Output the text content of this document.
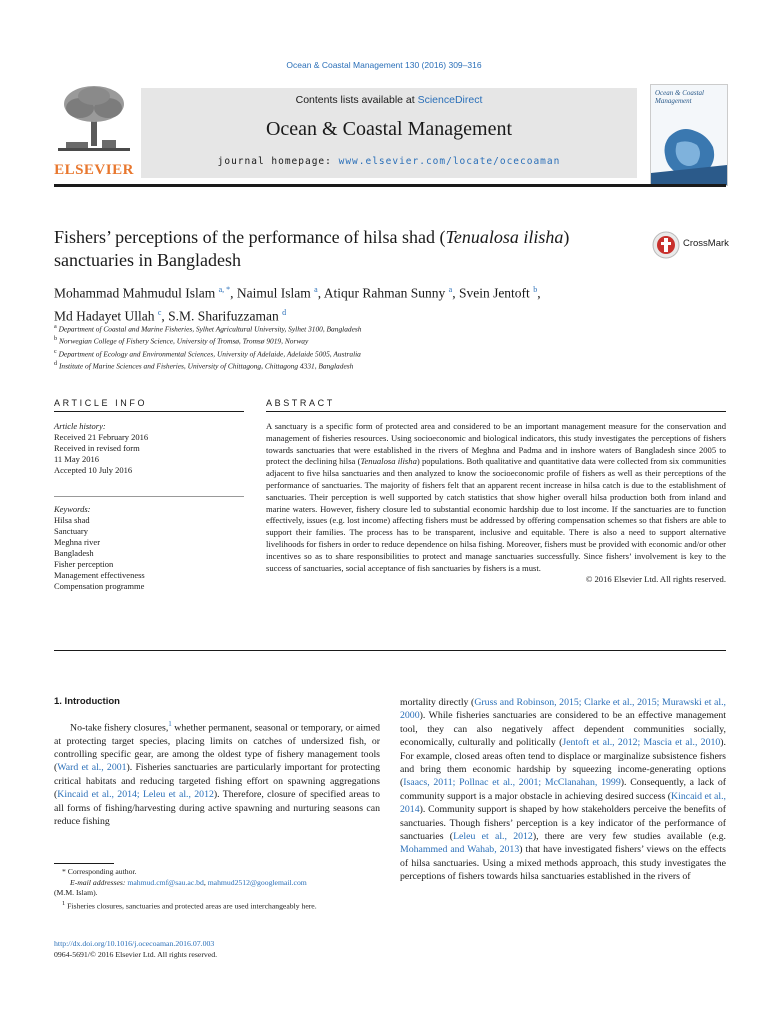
Ocean & Coastal Management 130 (2016) 309–316
ELSEVIER
Contents lists available at ScienceDirect
Ocean & Coastal Management
journal homepage: www.elsevier.com/locate/ocecoaman
Ocean & Coastal Management
Fishers’ perceptions of the performance of hilsa shad (Tenualosa ilisha) sanctuaries in Bangladesh
CrossMark
Mohammad Mahmudul Islam $^{a, *}$, Naimul Islam $^a$, Atiqur Rahman Sunny $^a$, Svein Jentoft $^b$,
Md Hadayet Ullah $^c$, S.M. Sharifuzzaman $^d$
$^a$ Department of Coastal and Marine Fisheries, Sylhet Agricultural University, Sylhet 3100, Bangladesh
$^b$ Norwegian College of Fishery Science, University of Tromsø, Tromsø 9019, Norway
$^c$ Department of Ecology and Environmental Sciences, University of Adelaide, Adelaide 5005, Australia
$^d$ Institute of Marine Sciences and Fisheries, University of Chittagong, Chittagong 4331, Bangladesh
ARTICLE INFO
Article history:
Received 21 February 2016
Received in revised form
11 May 2016
Accepted 10 July 2016
Keywords:
Hilsa shad
Sanctuary
Meghna river
Bangladesh
Fisher perception
Management effectiveness
Compensation programme
ABSTRACT
A sanctuary is a specific form of protected area and considered to be an important management measure for the conservation and management of fisheries resources. Using socioeconomic and biological indicators, this study investigates the perceptions of fishers towards sanctuaries that were established in the rivers of Meghna and Padma and in inshore waters of Bangladesh since 2005 to protect the declining hilsa (Tenualosa ilisha) populations. Both qualitative and quantitative data were collected from six communities adjacent to five hilsa sanctuaries and then analyzed to know the socioeconomic profile of fishers as well as their perceptions of the performance of sanctuaries. The majority of fishers felt that an apparent recent increase in hilsa catch is due to the establishment of sanctuaries. Their perception is well supported by catch statistics that show higher overall hilsa production both from inland and marine waters. However, fishery closure led to substantial economic hardship due to lost income. If the sanctuaries are to function effectively, issues (e.g. lost income) affecting fishers must be addressed by offering compensation schemes so that fishers are able to support their families. The process has to be transparent, inclusive and equitable. There is also a need to support alternative livelihoods for fishers in order to reduce dependence on hilsa fishing. Moreover, fishers must be provided with economic and/or other incentives so as to share responsibilities to protect and manage sanctuaries successfully. Since fishers’ involvement is key to the success of sanctuaries, social acceptance of fish sanctuaries by fishers is a must.
© 2016 Elsevier Ltd. All rights reserved.
1. Introduction

No-take fishery closures,$^1$ whether permanent, seasonal or temporary, or aimed at protecting target species, placing limits on catches of undersized fish, or controlling specific gear, are among the oldest type of fishery management tools (Ward et al., 2001). Fisheries sanctuaries are particularly important for protecting critical habitats and reducing targeted fishing effort on spawning aggregations (Kincaid et al., 2014; Leleu et al., 2012). Therefore, closure of specified areas to all forms of fishing/harvesting during active spawning and nurturing seasons can reduce fishing

mortality directly (Gruss and Robinson, 2015; Clarke et al., 2015; Murawski et al., 2000). While fisheries sanctuaries are considered to be an effective management tool, they can also negatively affect dependent communities socially, economically, culturally and politically (Jentoft et al., 2012; Mascia et al., 2010). For example, closed areas often tend to displace or marginalize subsistence fishers and bring them economic hardship by squeezing income-generating options (Isaacs, 2011; Pollnac et al., 2001; McClanahan, 1999). Consequently, a lack of community support is a major obstacle in achieving desired success (Kincaid et al., 2014). Community support is shaped by how stakeholders perceive the benefits of sanctuaries. Though fishers’ perception is a key indicator of the performance of sanctuaries (Leleu et al., 2012), there are very few studies available (e.g. Mohammed and Wahab, 2013) that have investigated fishers’ views on the effects of hilsa sanctuaries. Using a mixed methods approach, this study investigates the perceptions of fishers towards hilsa sanctuaries established in the rivers of

* Corresponding author.
E-mail addresses: mahmud.cmf@sau.ac.bd, mahmud2512@googlemail.com
(M.M. Islam).
$^1$ Fisheries closures, sanctuaries and protected areas are used interchangeably here.
http://dx.doi.org/10.1016/j.ocecoaman.2016.07.003
0964-5691/© 2016 Elsevier Ltd. All rights reserved.
